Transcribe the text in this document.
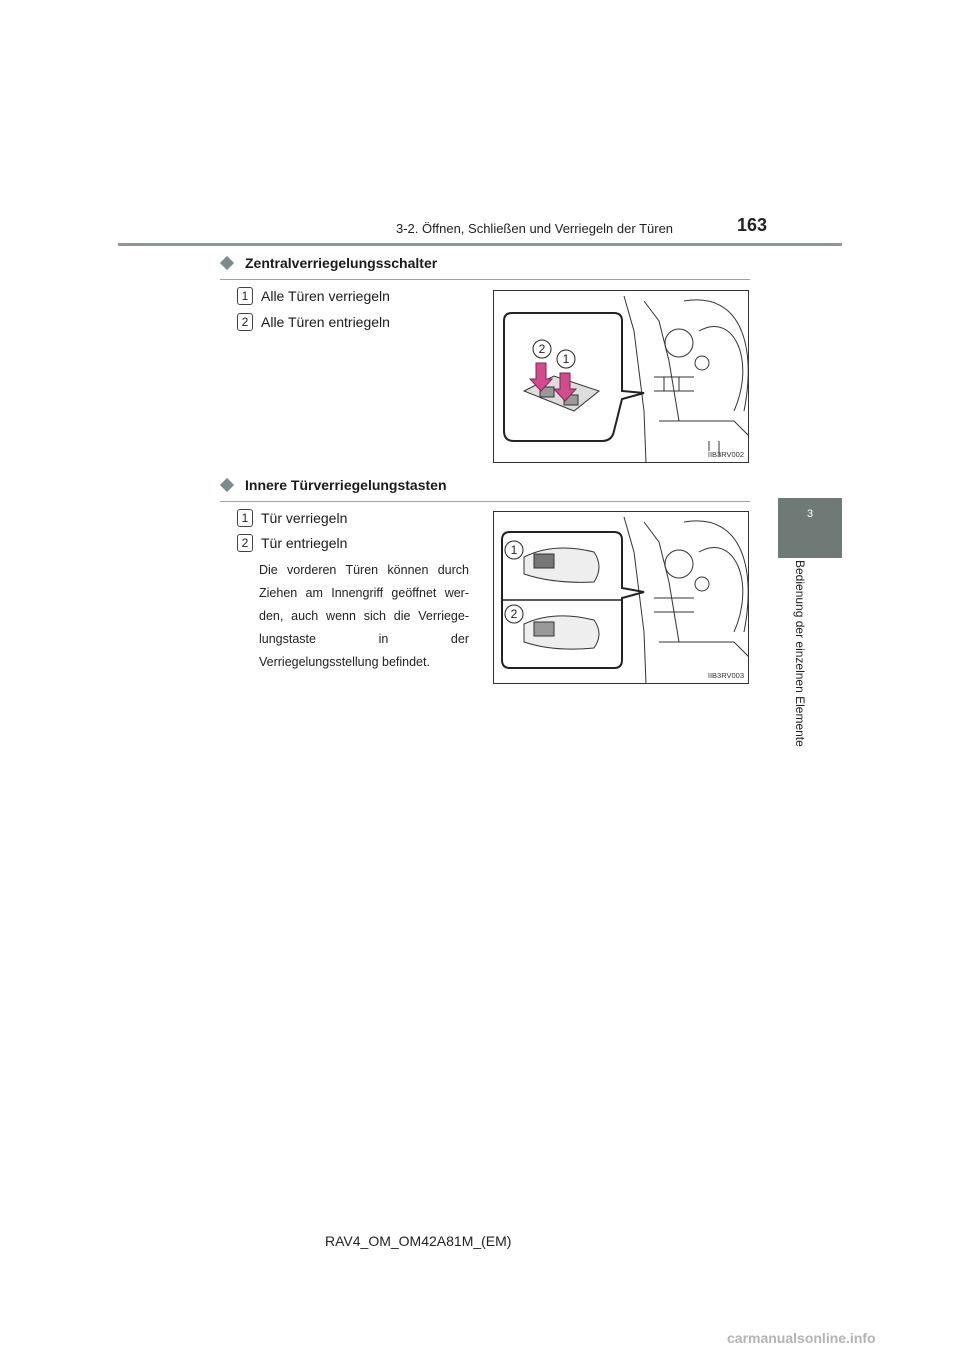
3-2. Öffnen, Schließen und Verriegeln der Türen	163
3
Bedienung der einzelnen Elemente
Zentralverriegelungsschalter
1 Alle Türen verriegeln
2 Alle Türen entriegeln
2
1
IIB3RV002
Innere Türverriegelungstasten
1 Tür verriegeln
2 Tür entriegeln
Die vorderen Türen können durch Ziehen am Innengriff geöffnet wer-den, auch wenn sich die Verriege-lungstaste in der Verriegelungsstellung befindet.
1
2
IIB3RV003
RAV4_OM_OM42A81M_(EM)
carmanualsonline.info
